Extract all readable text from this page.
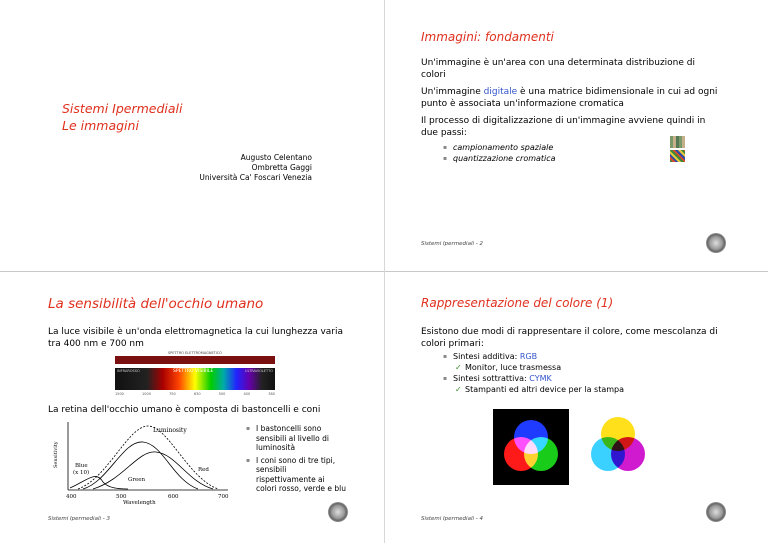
Sistemi Ipermediali
Le immagini
Augusto Celentano
Ombretta Gaggi
Università Ca' Foscari Venezia
Immagini: fondamenti
Un'immagine è un'area con una determinata distribuzione di colori
Un'immagine digitale è una matrice bidimensionale in cui ad ogni punto è associata un'informazione cromatica
Il processo di digitalizzazione di un'immagine avviene quindi in due passi:
▪ campionamento spaziale
▪ quantizzazione cromatica
Sistemi Ipermediali - 2
La sensibilità dell'occhio umano
La luce visibile è un'onda elettromagnetica la cui lunghezza varia tra 400 nm e 700 nm
SPETTRO ELETTROMAGNETICO
INFRAROSSO	SPETTRO VISIBILE	ULTRAVIOLETTO
1500	1000	750	630	500	400	380
La retina dell'occhio umano è composta di bastoncelli e coni
Luminosity
Blue
(x 10)
Green
Red
Sensitivity
Wavelength
400	500	600	700
▪ I bastoncelli sono sensibili al livello di luminosità
▪ I coni sono di tre tipi, sensibili rispettivamente ai colori rosso, verde e blu
Sistemi Ipermediali - 3
Rappresentazione del colore (1)
Esistono due modi di rappresentare il colore, come mescolanza di colori primari:
▪ Sintesi additiva: RGB
✓ Monitor, luce trasmessa
▪ Sintesi sottrattiva: CYMK
✓ Stampanti ed altri device per la stampa
Sistemi Ipermediali - 4
